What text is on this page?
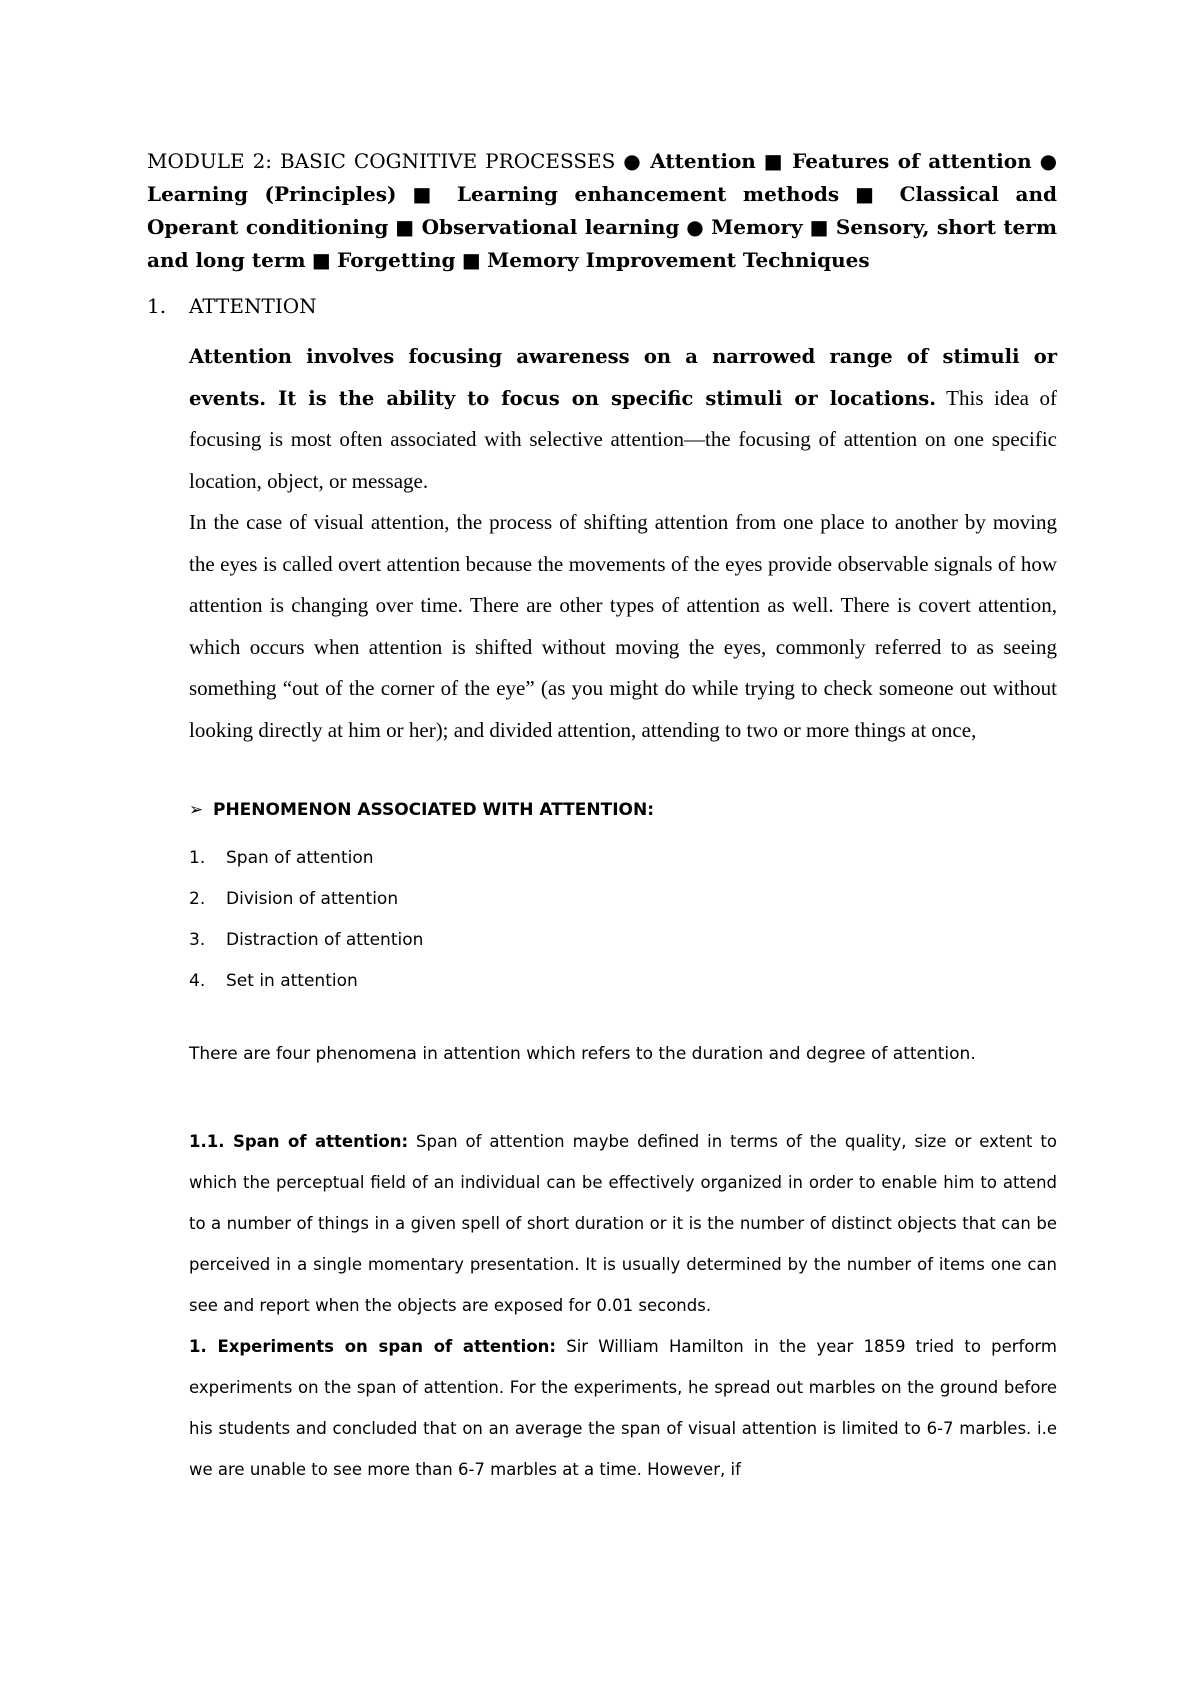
MODULE 2: BASIC COGNITIVE PROCESSES ● Attention ■ Features of attention ● Learning (Principles) ■ Learning enhancement methods ■ Classical and Operant conditioning ■ Observational learning ● Memory ■ Sensory, short term and long term ■ Forgetting ■ Memory Improvement Techniques
1. ATTENTION
Attention involves focusing awareness on a narrowed range of stimuli or events. It is the ability to focus on specific stimuli or locations. This idea of focusing is most often associated with selective attention—the focusing of attention on one specific location, object, or message.
In the case of visual attention, the process of shifting attention from one place to another by moving the eyes is called overt attention because the movements of the eyes provide observable signals of how attention is changing over time. There are other types of attention as well. There is covert attention, which occurs when attention is shifted without moving the eyes, commonly referred to as seeing something “out of the corner of the eye” (as you might do while trying to check someone out without looking directly at him or her); and divided attention, attending to two or more things at once,
➢ PHENOMENON ASSOCIATED WITH ATTENTION:
1. Span of attention
2. Division of attention
3. Distraction of attention
4. Set in attention
There are four phenomena in attention which refers to the duration and degree of attention.
1.1. Span of attention: Span of attention maybe defined in terms of the quality, size or extent to which the perceptual field of an individual can be effectively organized in order to enable him to attend to a number of things in a given spell of short duration or it is the number of distinct objects that can be perceived in a single momentary presentation. It is usually determined by the number of items one can see and report when the objects are exposed for 0.01 seconds.
1. Experiments on span of attention: Sir William Hamilton in the year 1859 tried to perform experiments on the span of attention. For the experiments, he spread out marbles on the ground before his students and concluded that on an average the span of visual attention is limited to 6-7 marbles. i.e we are unable to see more than 6-7 marbles at a time. However, if
